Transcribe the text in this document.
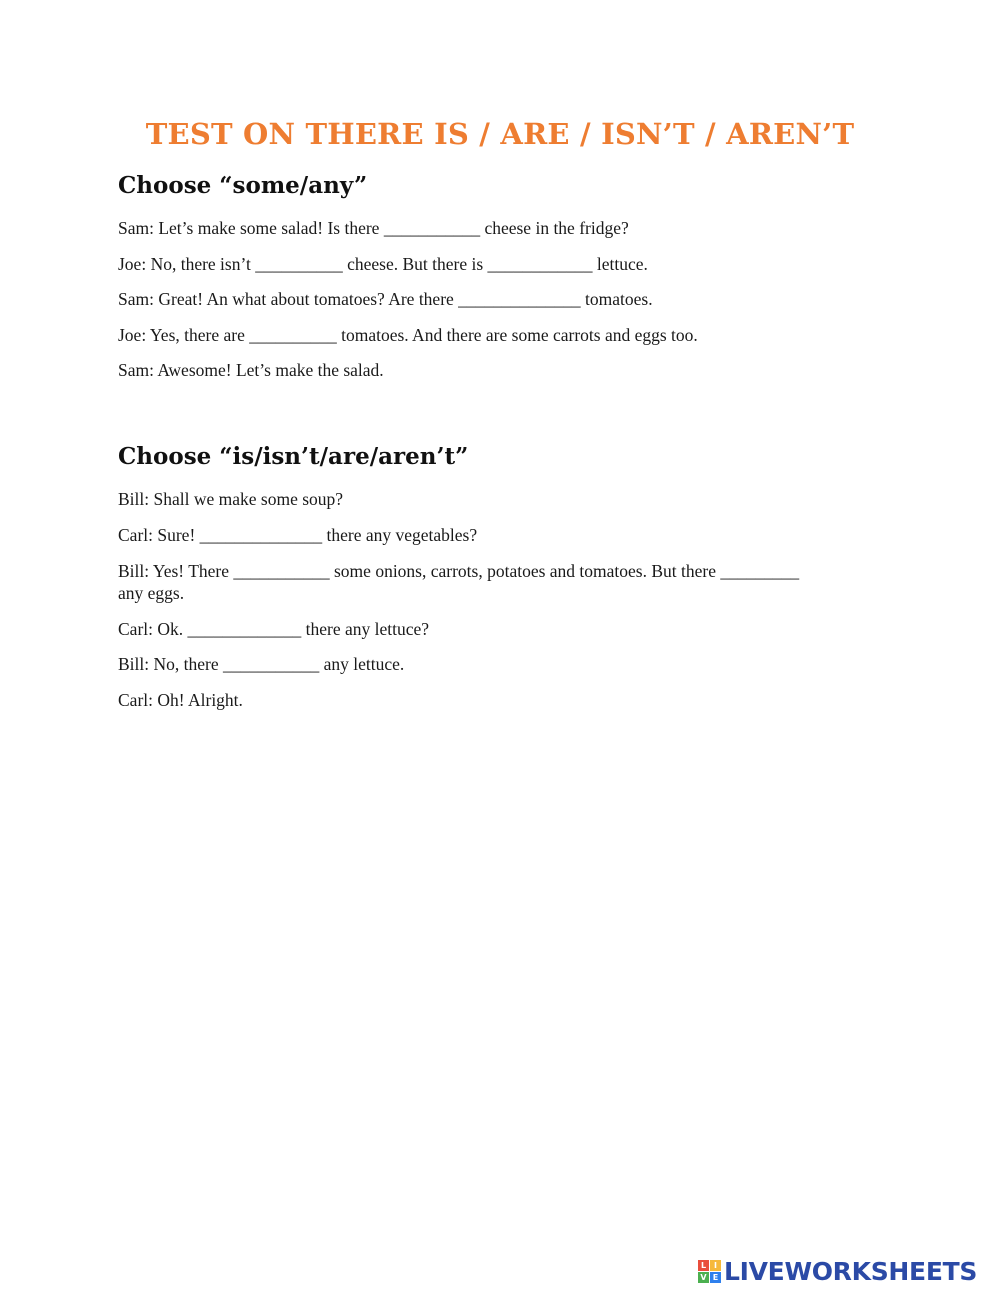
TEST ON THERE IS / ARE / ISN’T / AREN’T
Choose “some/any”
Sam: Let’s make some salad! Is there ___________ cheese in the fridge?
Joe: No, there isn’t __________ cheese. But there is ____________ lettuce.
Sam: Great! An what about tomatoes? Are there ______________ tomatoes.
Joe: Yes, there are __________ tomatoes. And there are some carrots and eggs too.
Sam: Awesome! Let’s make the salad.
Choose “is/isn’t/are/aren’t”
Bill: Shall we make some soup?
Carl: Sure! ______________ there any vegetables?
Bill: Yes! There ___________ some onions, carrots, potatoes and tomatoes. But there _________ any eggs.
Carl: Ok. _____________ there any lettuce?
Bill: No, there ___________ any lettuce.
Carl: Oh! Alright.
L I
V E LIVEWORKSHEETS
